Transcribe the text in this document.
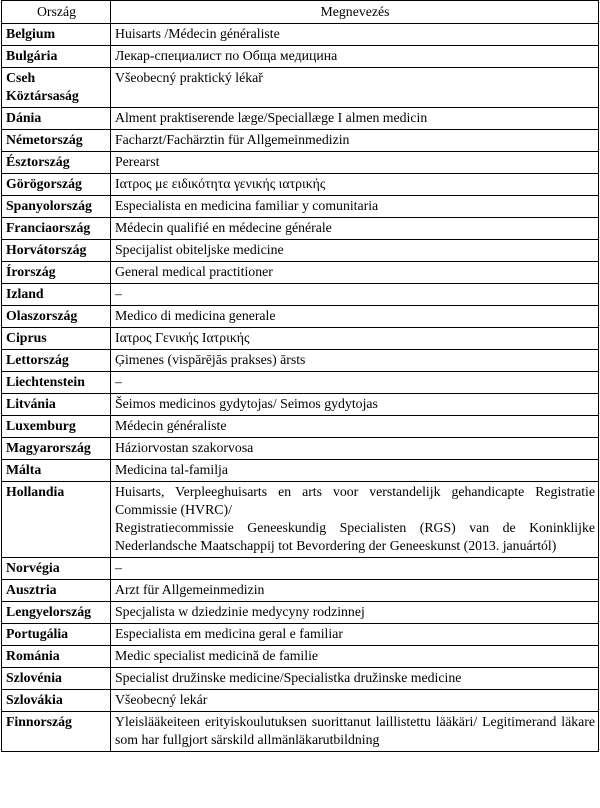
Ország	Megnevezés
Belgium	Huisarts /Médecin généraliste

Bulgária	Лекар-специалист по Обща медицина

Cseh Köztársaság	Všeobecný praktický lékař

Dánia	Alment praktiserende læge/Speciallæge I almen medicin

Németország	Facharzt/Fachärztin für Allgemeinmedizin

Észtország	Perearst

Görögország	Ιατρος με ειδικότητα γενικής ιατρικής

Spanyolország	Especialista en medicina familiar y comunitaria

Franciaország	Médecin qualifié en médecine générale

Horvátország	Specijalist obiteljske medicine

Írország	General medical practitioner

Izland	–

Olaszország	Medico di medicina generale

Ciprus	Ιατρος Γενικής Ιατρικής

Lettország	Ģimenes (vispārējās prakses) ārsts

Liechtenstein	–

Litvánia	Šeimos medicinos gydytojas/ Seimos gydytojas

Luxemburg	Médecin généraliste

Magyarország	Háziorvostan szakorvosa

Málta	Medicina tal-familja

Hollandia	Huisarts, Verpleeghuisarts en arts voor verstandelijk gehandicapte Registratie Commissie (HVRC)/
Registratiecommissie Geneeskundig Specialisten (RGS) van de Koninklijke Nederlandsche Maatschappij tot Bevordering der Geneeskunst (2013. januártól)

Norvégia	–

Ausztria	Arzt für Allgemeinmedizin

Lengyelország	Specjalista w dziedzinie medycyny rodzinnej

Portugália	Especialista em medicina geral e familiar

Románia	Medic specialist medicină de familie

Szlovénia	Specialist družinske medicine/Specialistka družinske medicine

Szlovákia	Všeobecný lekár

Finnország	Yleislääkeiteen erityiskoulutuksen suorittanut laillistettu lääkäri/ Legitimerand läkare som har fullgjort särskild allmänläkarutbildning
